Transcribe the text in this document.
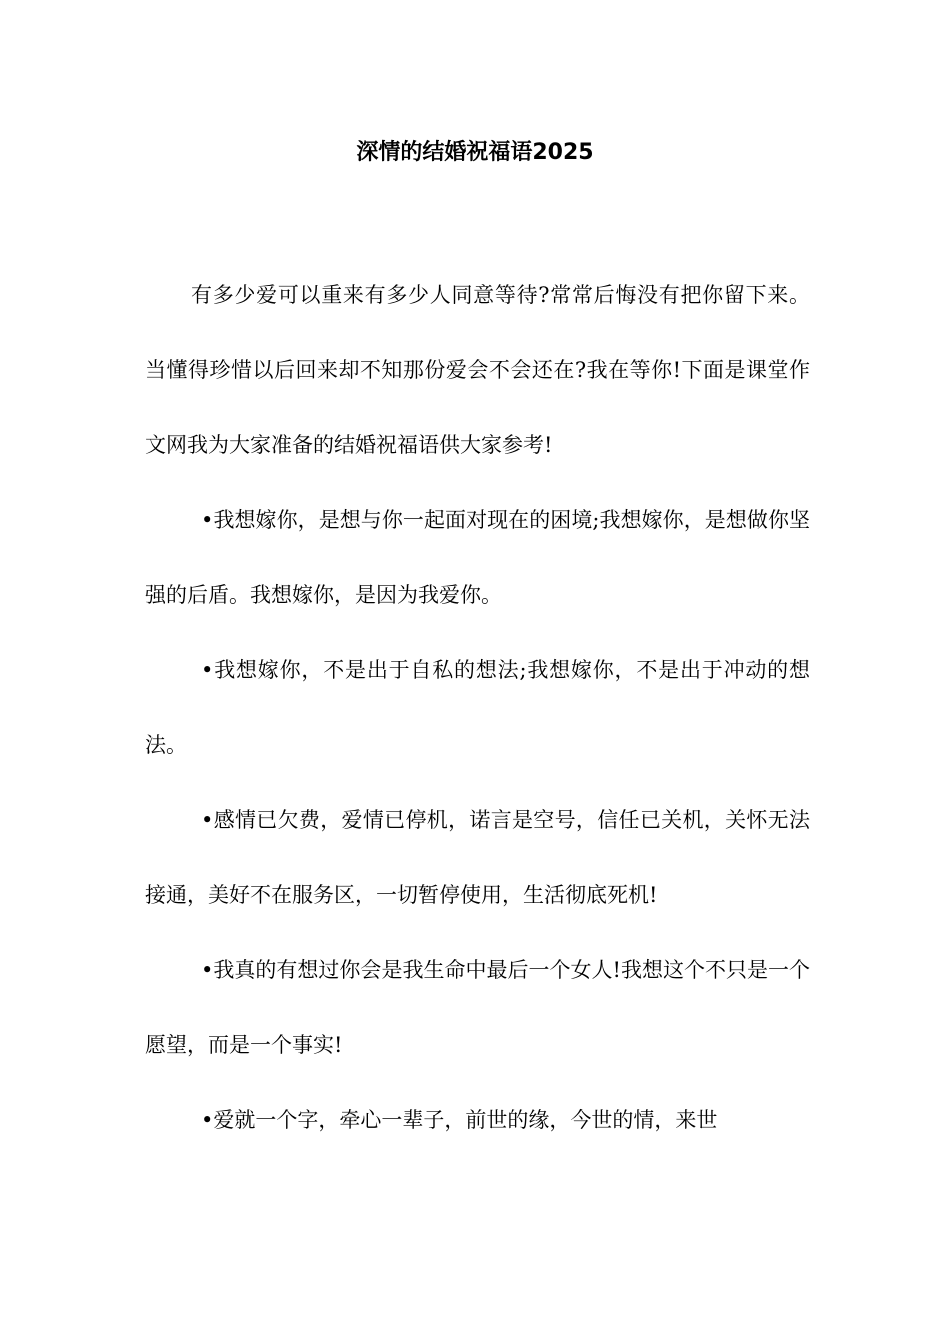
深情的结婚祝福语2025

有多少爱可以重来有多少人同意等待?常常后悔没有把你留下来。当懂得珍惜以后回来却不知那份爱会不会还在?我在等你!下面是课堂作文网我为大家准备的结婚祝福语供大家参考!

•我想嫁你，是想与你一起面对现在的困境;我想嫁你，是想做你坚强的后盾。我想嫁你，是因为我爱你。

•我想嫁你，不是出于自私的想法;我想嫁你，不是出于冲动的想法。

•感情已欠费，爱情已停机，诺言是空号，信任已关机，关怀无法接通，美好不在服务区，一切暂停使用，生活彻底死机!

•我真的有想过你会是我生命中最后一个女人!我想这个不只是一个愿望，而是一个事实!

•爱就一个字，牵心一辈子，前世的缘，今世的情，来世
